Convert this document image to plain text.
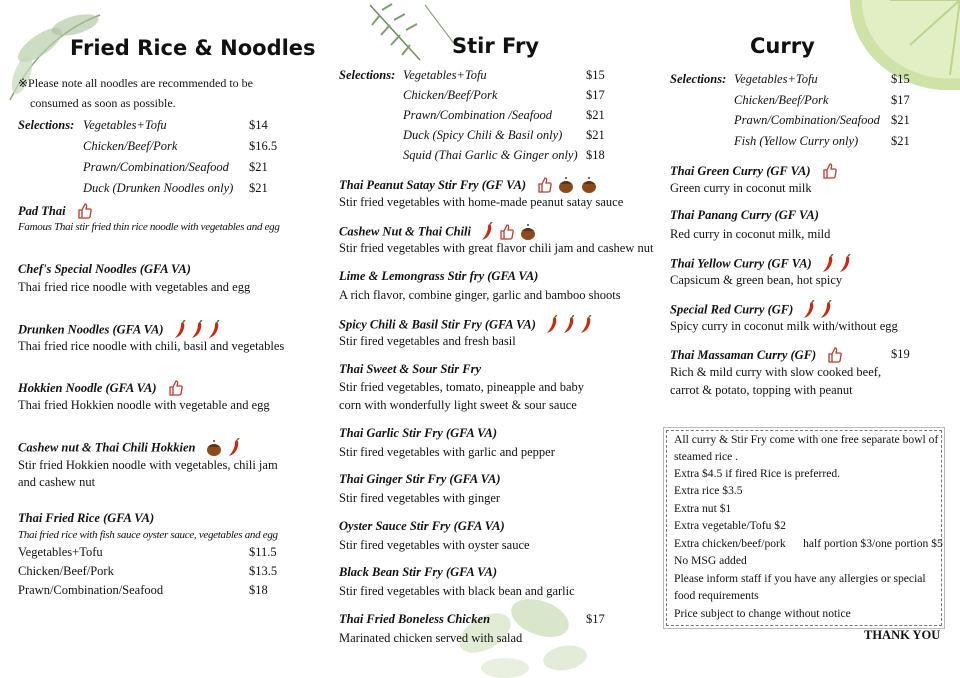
Fried Rice & Noodles
※Please note all noodles are recommended to be
consumed as soon as possible.
Selections: Vegetables+Tofu	$14
Chicken/Beef/Pork	$16.5
Prawn/Combination/Seafood $21
Duck (Drunken Noodles only) $21
Pad Thai
Famous Thai stir fried thin rice noodle with vegetables and egg
Chef's Special Noodles (GFA VA)
Thai fried rice noodle with vegetables and egg
Drunken Noodles (GFA VA)
Thai fried rice noodle with chili, basil and vegetables
Hokkien Noodle (GFA VA)
Thai fried Hokkien noodle with vegetable and egg
Cashew nut & Thai Chili Hokkien
Stir fried Hokkien noodle with vegetables, chili jam
and cashew nut
Thai Fried Rice (GFA VA)
Thai fried rice with fish sauce oyster sauce, vegetables and egg
Vegetables+Tofu	$11.5
Chicken/Beef/Pork	$13.5
Prawn/Combination/Seafood	$18
Stir Fry
Selections: Vegetables+Tofu	$15
Chicken/Beef/Pork	$17
Prawn/Combination /Seafood	$21
Duck (Spicy Chili & Basil only) $21
Squid (Thai Garlic & Ginger only) $18
Thai Peanut Satay Stir Fry (GF VA)
Stir fried vegetables with home-made peanut satay sauce
Cashew Nut & Thai Chili
Stir fried vegetables with great flavor chili jam and cashew nut
Lime & Lemongrass Stir fry (GFA VA)
A rich flavor, combine ginger, garlic and bamboo shoots
Spicy Chili & Basil Stir Fry (GFA VA)
Stir fired vegetables and fresh basil
Thai Sweet & Sour Stir Fry
Stir fried vegetables, tomato, pineapple and baby
corn with wonderfully light sweet & sour sauce
Thai Garlic Stir Fry (GFA VA)
Stir fired vegetables with garlic and pepper
Thai Ginger Stir Fry (GFA VA)
Stir fired vegetables with ginger
Oyster Sauce Stir Fry (GFA VA)
Stir fired vegetables with oyster sauce
Black Bean Stir Fry (GFA VA)
Stir fired vegetables with black bean and garlic
Thai Fried Boneless Chicken	$17
Marinated chicken served with salad
Curry
Selections: Vegetables+Tofu	$15
Chicken/Beef/Pork	$17
Prawn/Combination/Seafood $21
Fish (Yellow Curry only)	$21
Thai Green Curry (GF VA)
Green curry in coconut milk
Thai Panang Curry (GF VA)
Red curry in coconut milk, mild
Thai Yellow Curry (GF VA)
Capsicum & green bean, hot spicy
Special Red Curry (GF)
Spicy curry in coconut milk with/without egg
Thai Massaman Curry (GF)	$19
Rich & mild curry with slow cooked beef,
carrot & potato, topping with peanut
All curry & Stir Fry come with one free separate bowl of
steamed rice .
Extra $4.5 if fired Rice is preferred.
Extra rice $3.5
Extra nut $1
Extra vegetable/Tofu $2
Extra chicken/beef/pork      half portion $3/one portion $5
No MSG added
Please inform staff if you have any allergies or special
food requirements
Price subject to change without notice
THANK YOU
